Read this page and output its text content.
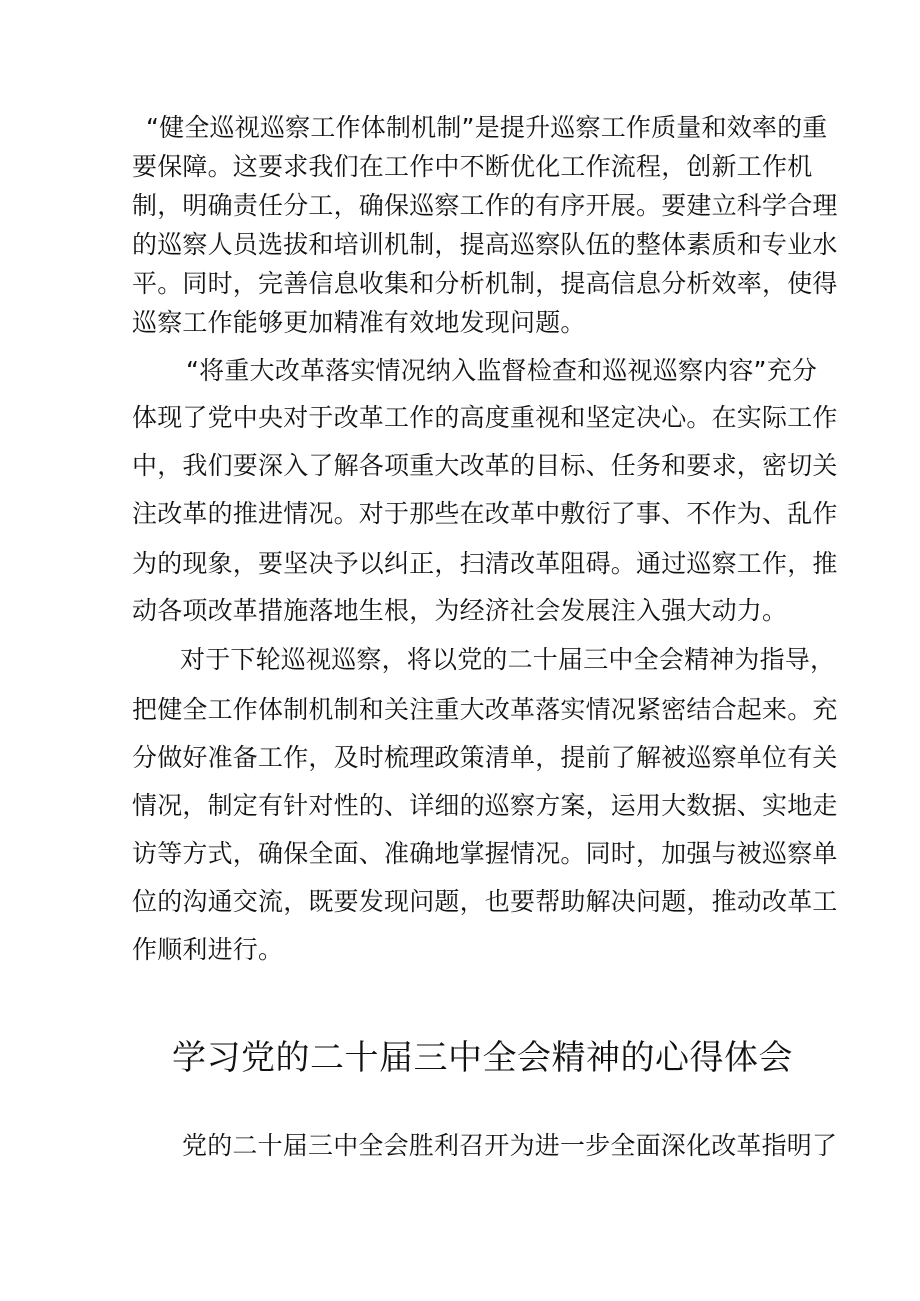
“健全巡视巡察工作体制机制”是提升巡察工作质量和效率的重
要保障。这要求我们在工作中不断优化工作流程，创新工作机
制，明确责任分工，确保巡察工作的有序开展。要建立科学合理
的巡察人员选拔和培训机制，提高巡察队伍的整体素质和专业水
平。同时，完善信息收集和分析机制，提高信息分析效率，使得
巡察工作能够更加精准有效地发现问题。
“将重大改革落实情况纳入监督检查和巡视巡察内容”充分
体现了党中央对于改革工作的高度重视和坚定决心。在实际工作
中，我们要深入了解各项重大改革的目标、任务和要求，密切关
注改革的推进情况。对于那些在改革中敷衍了事、不作为、乱作
为的现象，要坚决予以纠正，扫清改革阻碍。通过巡察工作，推
动各项改革措施落地生根，为经济社会发展注入强大动力。
对于下轮巡视巡察，将以党的二十届三中全会精神为指导，
把健全工作体制机制和关注重大改革落实情况紧密结合起来。充
分做好准备工作，及时梳理政策清单，提前了解被巡察单位有关
情况，制定有针对性的、详细的巡察方案，运用大数据、实地走
访等方式，确保全面、准确地掌握情况。同时，加强与被巡察单
位的沟通交流，既要发现问题，也要帮助解决问题，推动改革工
作顺利进行。
学习党的二十届三中全会精神的心得体会
党的二十届三中全会胜利召开为进一步全面深化改革指明了
